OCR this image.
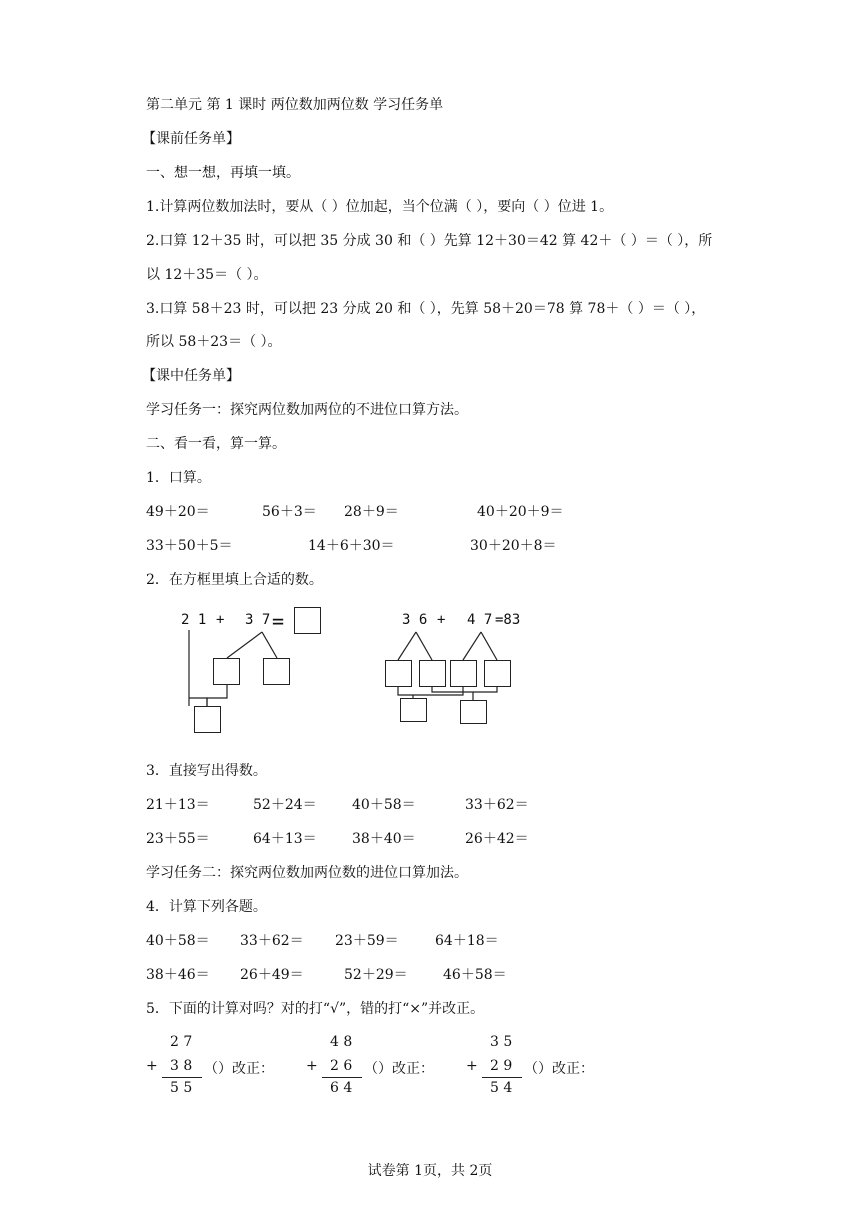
第二单元 第 1 课时 两位数加两位数 学习任务单
【课前任务单】
一、想一想，再填一填。
1.计算两位数加法时，要从（ ）位加起，当个位满（ ），要向（ ）位进 1。
2.口算 12＋35 时，可以把 35 分成 30 和（ ）先算 12＋30＝42 算 42＋（ ）＝（ ），所
以 12＋35＝（ ）。
3.口算 58＋23 时，可以把 23 分成 20 和（ ），先算 58＋20＝78 算 78＋（ ）＝（ ），
所以 58＋23＝（ ）。
【课中任务单】
学习任务一：探究两位数加两位的不进位口算方法。
二、看一看，算一算。
1．口算。
49＋20＝	56＋3＝ 28＋9＝	40＋20＋9＝
33＋50＋5＝	14＋6＋30＝	30＋20＋8＝
2．在方框里填上合适的数。
2 1 + 3 7 =	3 6 + 4 7 =83
3．直接写出得数。
21＋13＝	52＋24＝	40＋58＝	33＋62＝
23＋55＝	64＋13＝	38＋40＝	26＋42＝
学习任务二：探究两位数加两位数的进位口算加法。
4．计算下列各题。
40＋58＝ 33＋62＝ 23＋59＝	64＋18＝
38＋46＝ 26＋49＝	52＋29＝	46＋58＝
5．下面的计算对吗？对的打“√”，错的打“×”并改正。
2 7
+ 3 8 （）改正：
5 5
4 8
+ 2 6 （）改正：
6 4
3 5
+ 2 9 （）改正：
5 4
试卷第 1页，共 2页
